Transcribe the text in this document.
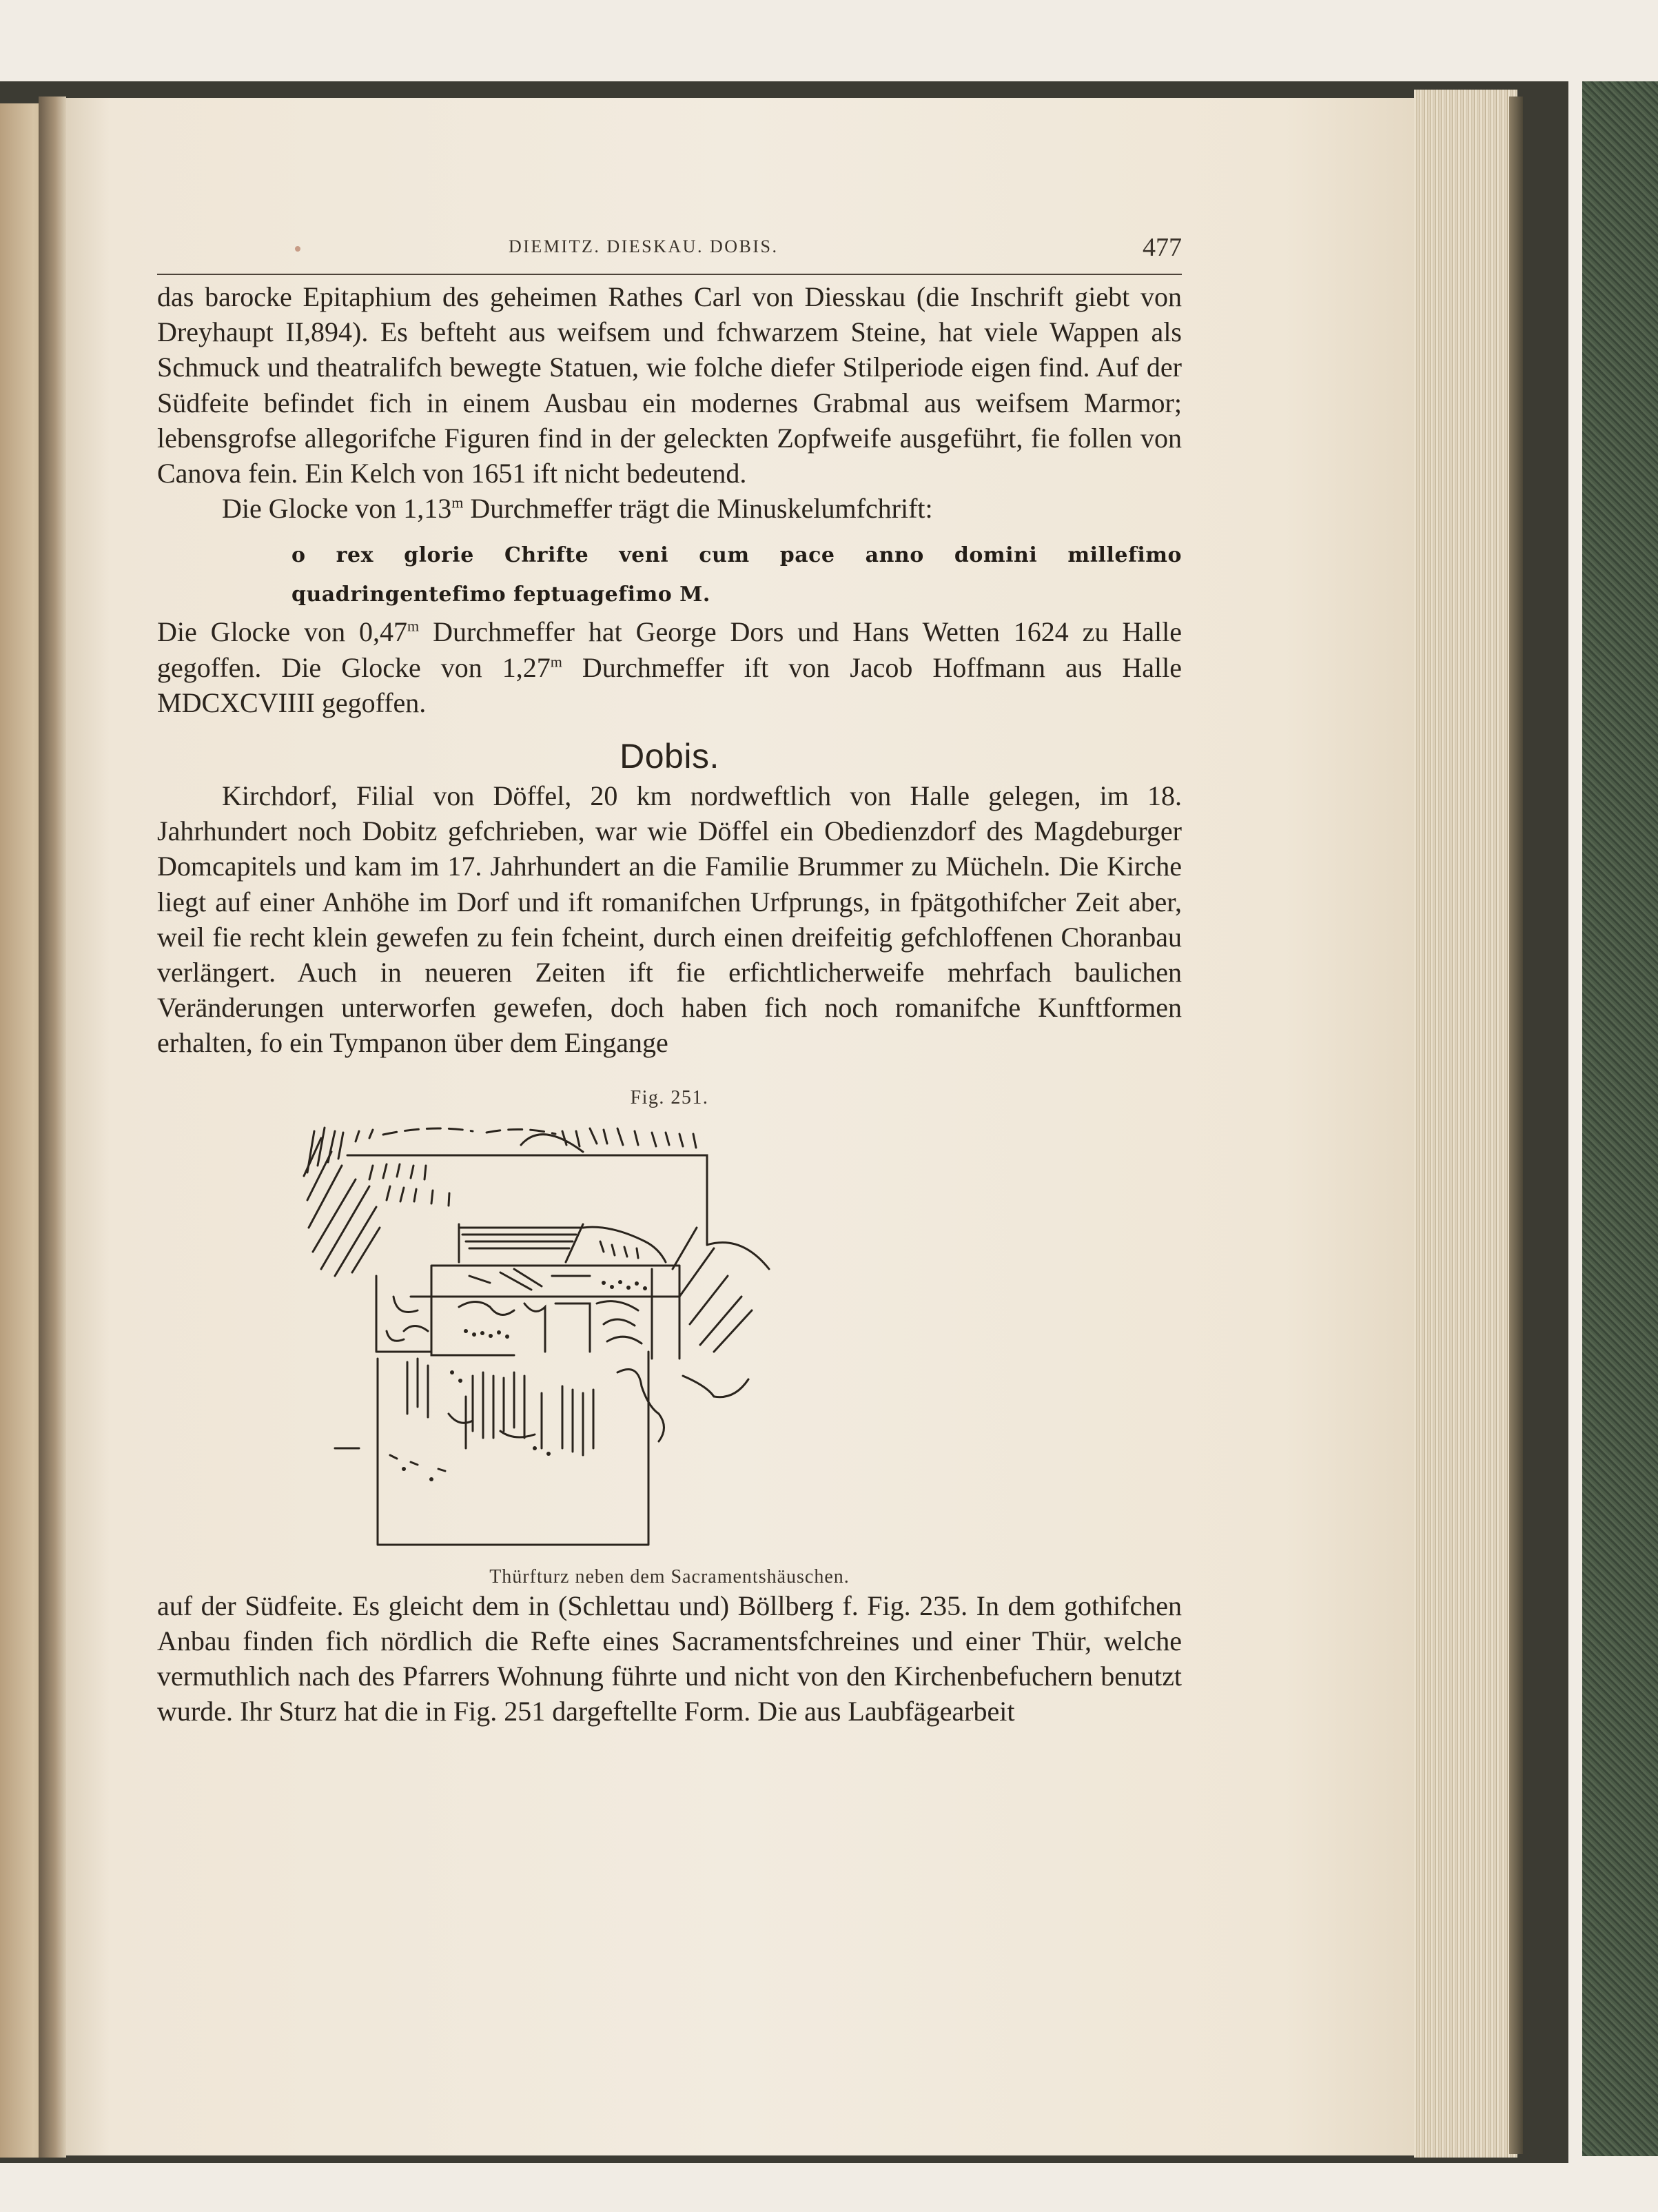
DIEMITZ. DIESKAU. DOBIS.	477

das barocke Epitaphium des geheimen Rathes Carl von Diesskau (die Inschrift giebt von Dreyhaupt II,894). Es befteht aus weifsem und fchwarzem Steine, hat viele Wappen als Schmuck und theatralifch bewegte Statuen, wie folche diefer Stilperiode eigen find. Auf der Südfeite befindet fich in einem Ausbau ein modernes Grabmal aus weifsem Marmor; lebensgrofse allegorifche Figuren find in der geleckten Zopfweife ausgeführt, fie follen von Canova fein. Ein Kelch von 1651 ift nicht bedeutend.

Die Glocke von 1,13$^m$ Durchmeffer trägt die Minuskelumfchrift:

o rex glorie Chrifte veni cum pace anno domini millefimo quadringentefimo feptuagefimo M.

Die Glocke von 0,47$^m$ Durchmeffer hat George Dors und Hans Wetten 1624 zu Halle gegoffen. Die Glocke von 1,27$^m$ Durchmeffer ift von Jacob Hoffmann aus Halle MDCXCVIIII gegoffen.

Dobis.

Kirchdorf, Filial von Döffel, 20 km nordweftlich von Halle gelegen, im 18. Jahrhundert noch Dobitz gefchrieben, war wie Döffel ein Obedienzdorf des Magdeburger Domcapitels und kam im 17. Jahrhundert an die Familie Brummer zu Mücheln. Die Kirche liegt auf einer Anhöhe im Dorf und ift romanifchen Urfprungs, in fpätgothifcher Zeit aber, weil fie recht klein gewefen zu fein fcheint, durch einen dreifeitig gefchloffenen Choranbau verlängert. Auch in neueren Zeiten ift fie erfichtlicherweife mehrfach baulichen Veränderungen unterworfen gewefen, doch haben fich noch romanifche Kunftformen erhalten, fo ein Tympanon über dem Eingange

Fig. 251.
Thürfturz neben dem Sacramentshäuschen.

auf der Südfeite. Es gleicht dem in (Schlettau und) Böllberg f. Fig. 235. In dem gothifchen Anbau finden fich nördlich die Refte eines Sacramentsfchreines und einer Thür, welche vermuthlich nach des Pfarrers Wohnung führte und nicht von den Kirchenbefuchern benutzt wurde. Ihr Sturz hat die in Fig. 251 dargeftellte Form. Die aus Laubfägearbeit
